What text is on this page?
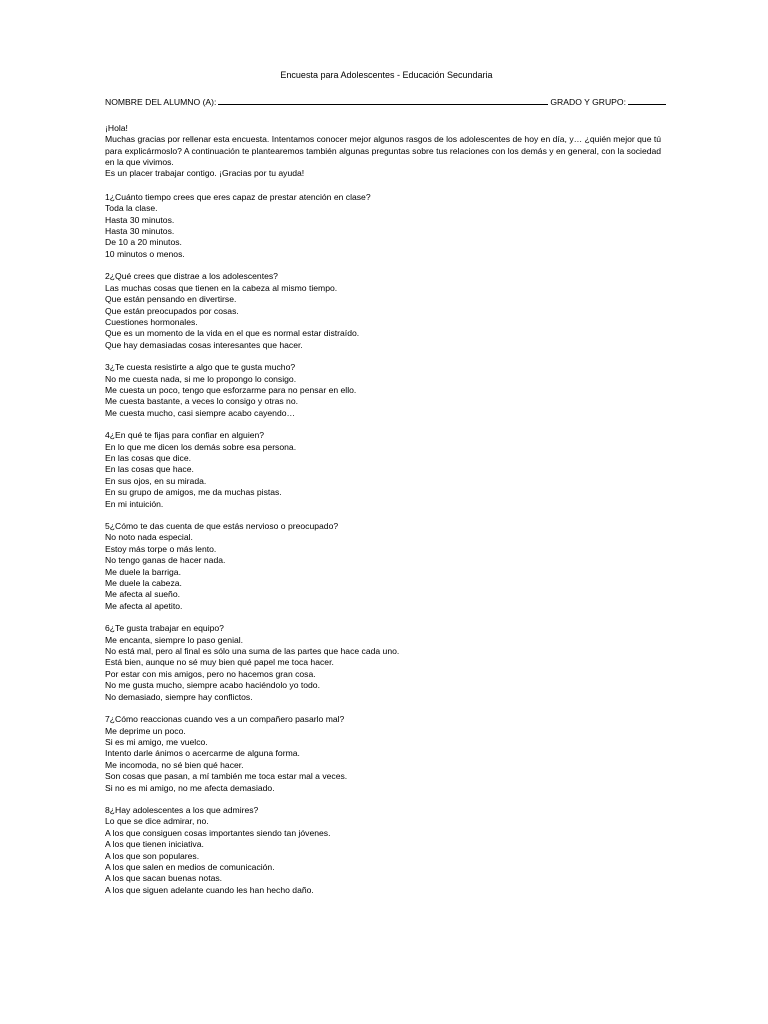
Encuesta para Adolescentes - Educación Secundaria
NOMBRE DEL ALUMNO (A):	GRADO Y GRUPO:

¡Hola!

Muchas gracias por rellenar esta encuesta. Intentamos conocer mejor algunos rasgos de los adolescentes de hoy en día, y… ¿quién mejor que tú para explicármoslo? A continuación te plantearemos también algunas preguntas sobre tus relaciones con los demás y en general, con la sociedad en la que vivimos.

Es un placer trabajar contigo. ¡Gracias por tu ayuda!

1¿Cuánto tiempo crees que eres capaz de prestar atención en clase?

Toda la clase.
Hasta 30 minutos.
Hasta 30 minutos.
De 10 a 20 minutos.
10 minutos o menos.

2¿Qué crees que distrae a los adolescentes?

Las muchas cosas que tienen en la cabeza al mismo tiempo.
Que están pensando en divertirse.
Que están preocupados por cosas.
Cuestiones hormonales.
Que es un momento de la vida en el que es normal estar distraído.
Que hay demasiadas cosas interesantes que hacer.

3¿Te cuesta resistirte a algo que te gusta mucho?

No me cuesta nada, si me lo propongo lo consigo.
Me cuesta un poco, tengo que esforzarme para no pensar en ello.
Me cuesta bastante, a veces lo consigo y otras no.
Me cuesta mucho, casi siempre acabo cayendo…

4¿En qué te fijas para confiar en alguien?

En lo que me dicen los demás sobre esa persona.
En las cosas que dice.
En las cosas que hace.
En sus ojos, en su mirada.
En su grupo de amigos, me da muchas pistas.
En mi intuición.

5¿Cómo te das cuenta de que estás nervioso o preocupado?

No noto nada especial.
Estoy más torpe o más lento.
No tengo ganas de hacer nada.
Me duele la barriga.
Me duele la cabeza.
Me afecta al sueño.
Me afecta al apetito.

6¿Te gusta trabajar en equipo?

Me encanta, siempre lo paso genial.
No está mal, pero al final es sólo una suma de las partes que hace cada uno.
Está bien, aunque no sé muy bien qué papel me toca hacer.
Por estar con mis amigos, pero no hacemos gran cosa.
No me gusta mucho, siempre acabo haciéndolo yo todo.
No demasiado, siempre hay conflictos.

7¿Cómo reaccionas cuando ves a un compañero pasarlo mal?

Me deprime un poco.
Si es mi amigo, me vuelco.
Intento darle ánimos o acercarme de alguna forma.
Me incomoda, no sé bien qué hacer.
Son cosas que pasan, a mí también me toca estar mal a veces.
Si no es mi amigo, no me afecta demasiado.

8¿Hay adolescentes a los que admires?

Lo que se dice admirar, no.
A los que consiguen cosas importantes siendo tan jóvenes.
A los que tienen iniciativa.
A los que son populares.
A los que salen en medios de comunicación.
A los que sacan buenas notas.
A los que siguen adelante cuando les han hecho daño.
